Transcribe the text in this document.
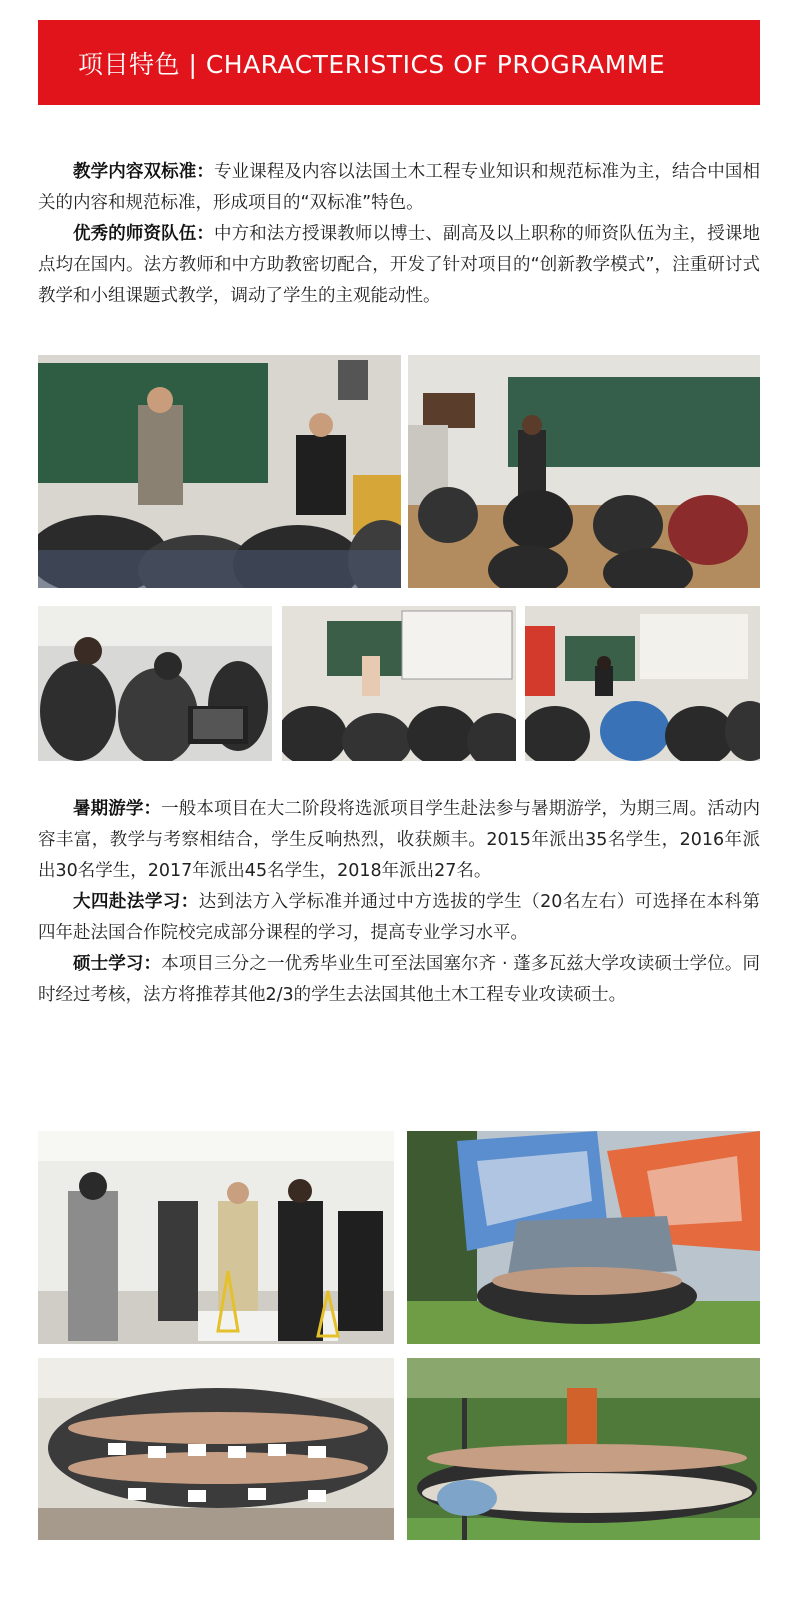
项目特色 | CHARACTERISTICS OF PROGRAMME

教学内容双标准：专业课程及内容以法国土木工程专业知识和规范标准为主，结合中国相关的内容和规范标准，形成项目的“双标准”特色。

优秀的师资队伍：中方和法方授课教师以博士、副高及以上职称的师资队伍为主，授课地点均在国内。法方教师和中方助教密切配合，开发了针对项目的“创新教学模式”，注重研讨式教学和小组课题式教学，调动了学生的主观能动性。

暑期游学：一般本项目在大二阶段将选派项目学生赴法参与暑期游学，为期三周。活动内容丰富，教学与考察相结合，学生反响热烈，收获颇丰。2015年派出35名学生，2016年派出30名学生，2017年派出45名学生，2018年派出27名。

大四赴法学习：达到法方入学标准并通过中方选拔的学生（20名左右）可选择在本科第四年赴法国合作院校完成部分课程的学习，提高专业学习水平。

硕士学习：本项目三分之一优秀毕业生可至法国塞尔齐 · 蓬多瓦兹大学攻读硕士学位。同时经过考核，法方将推荐其他2/3的学生去法国其他土木工程专业攻读硕士。
